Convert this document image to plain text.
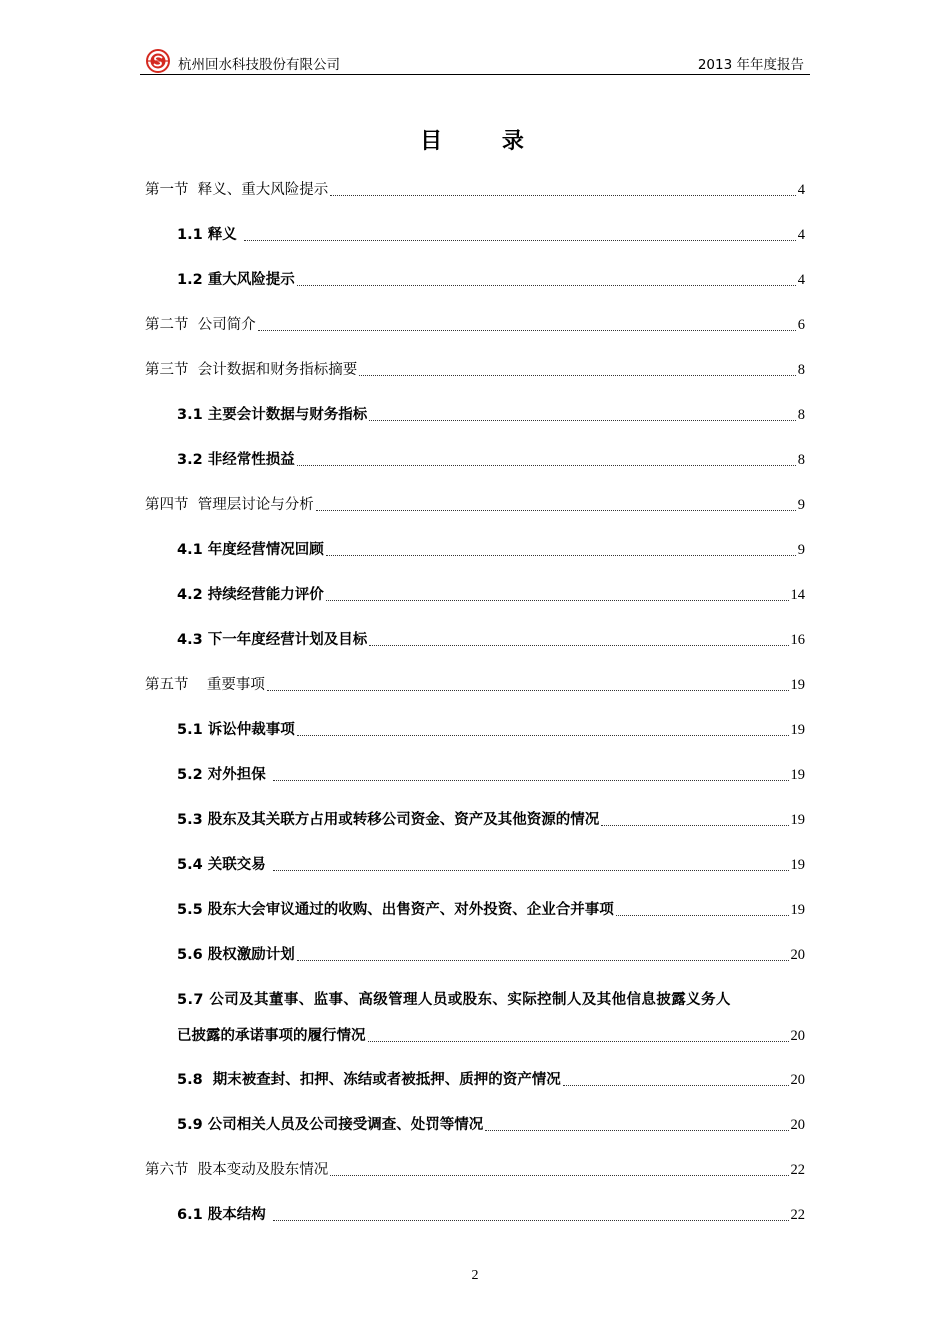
杭州回水科技股份有限公司	2013 年年度报告
目 录
第一节  释义、重大风险提示	4
1.1 释义	4
1.2 重大风险提示	4
第二节  公司简介	6
第三节  会计数据和财务指标摘要	8
3.1 主要会计数据与财务指标	8
3.2 非经常性损益	8
第四节  管理层讨论与分析	9
4.1 年度经营情况回顾	9
4.2 持续经营能力评价	14
4.3 下一年度经营计划及目标	16
第五节    重要事项	19
5.1 诉讼仲裁事项	19
5.2 对外担保	19
5.3 股东及其关联方占用或转移公司资金、资产及其他资源的情况	19
5.4 关联交易	19
5.5 股东大会审议通过的收购、出售资产、对外投资、企业合并事项	19
5.6 股权激励计划	20
5.7 公司及其董事、监事、高级管理人员或股东、实际控制人及其他信息披露义务人
已披露的承诺事项的履行情况	20
5.8  期末被查封、扣押、冻结或者被抵押、质押的资产情况	20
5.9 公司相关人员及公司接受调查、处罚等情况	20
第六节  股本变动及股东情况	22
6.1 股本结构	22
2
